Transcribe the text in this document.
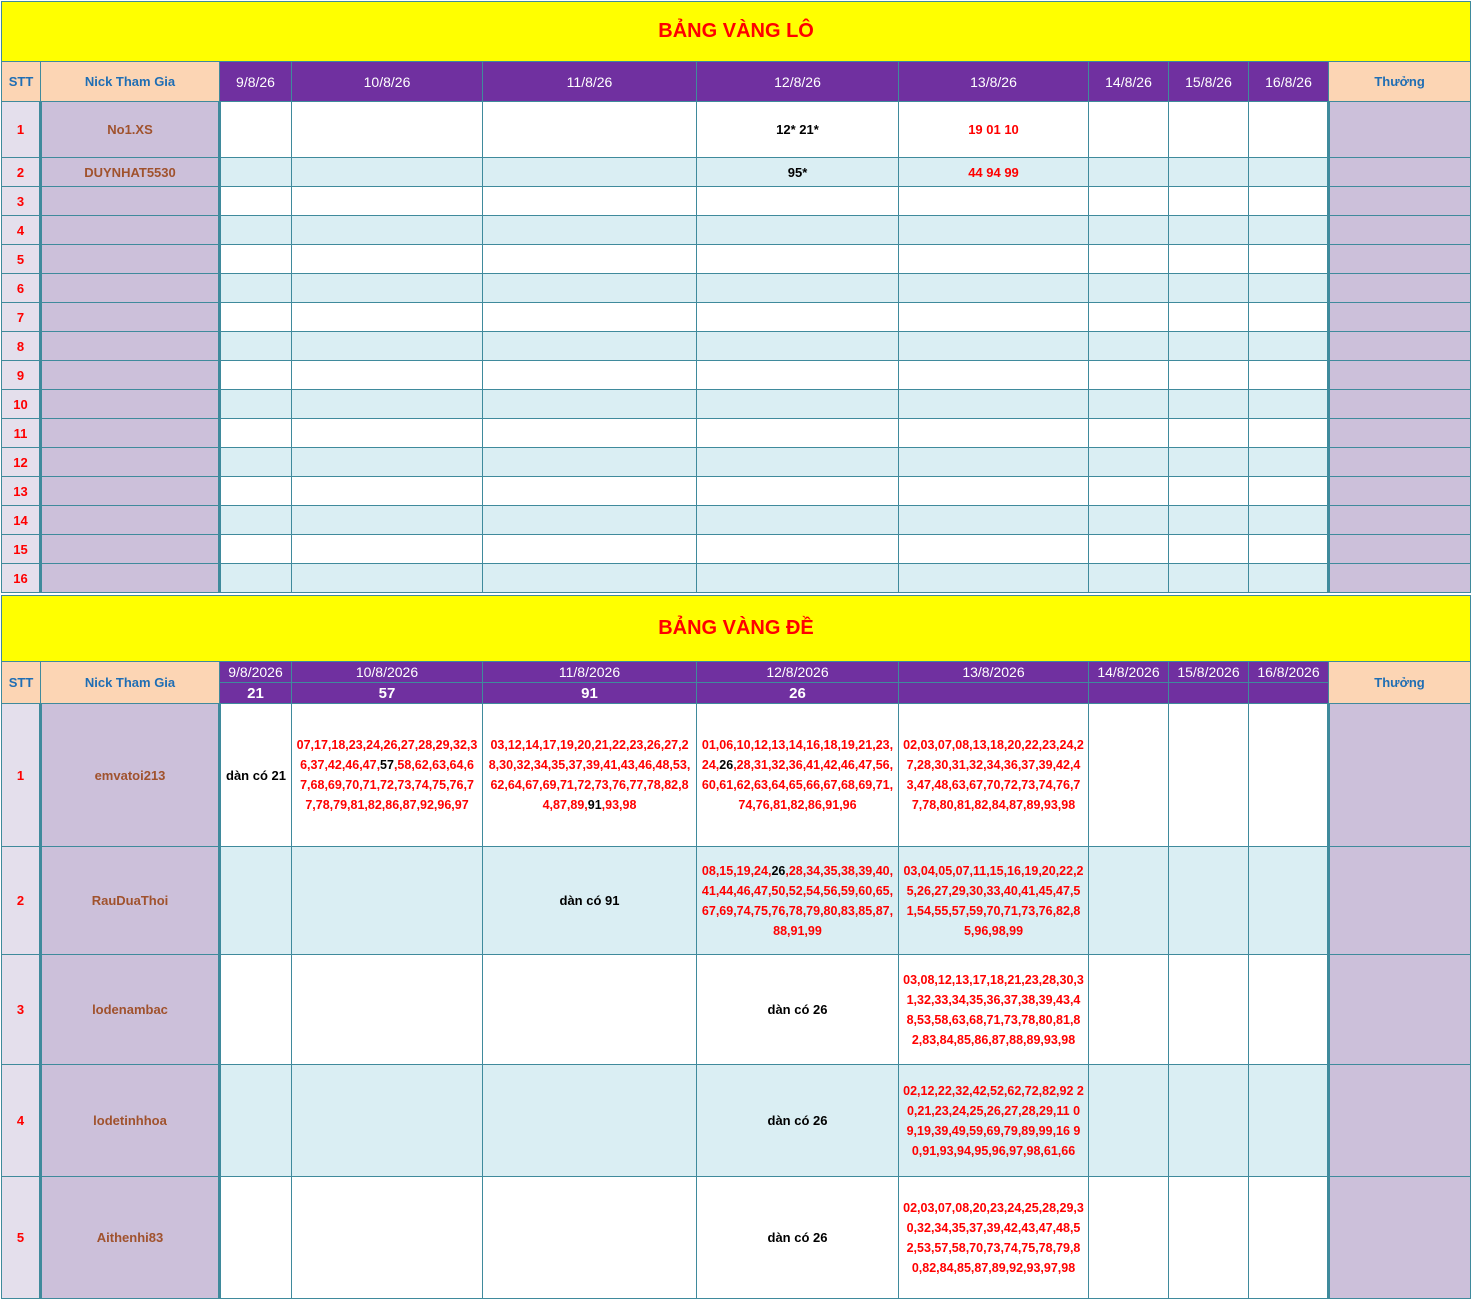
BẢNG VÀNG LÔ										
STT	Nick Tham Gia	9/8/26	10/8/26	11/8/26	12/8/26	13/8/26	14/8/26	15/8/26	16/8/26	Thưởng
1	No1.XS				12* 21*	19 01 10				
2	DUYNHAT5530				95*	44 94 99				
3										
4										
5										
6										
7										
8										
9										
10										
11										
12										
13										
14										
15										
16										
BẢNG VÀNG ĐỀ										
STT	Nick Tham Gia	9/8/2026	10/8/2026	11/8/2026	12/8/2026	13/8/2026	14/8/2026	15/8/2026	16/8/2026	Thưởng
		21	57	91	26					
1	emvatoi213	dàn có 21	07,17,18,23,24,26,27,28,29,32,36,37,42,46,47,57,58,62,63,64,67,68,69,70,71,72,73,74,75,76,77,78,79,81,82,86,87,92,96,97	03,12,14,17,19,20,21,22,23,26,27,28,30,32,34,35,37,39,41,43,46,48,53,62,64,67,69,71,72,73,76,77,78,82,84,87,89,91,93,98	01,06,10,12,13,14,16,18,19,21,23,24,26,28,31,32,36,41,42,46,47,56,60,61,62,63,64,65,66,67,68,69,71,74,76,81,82,86,91,96	02,03,07,08,13,18,20,22,23,24,27,28,30,31,32,34,36,37,39,42,43,47,48,63,67,70,72,73,74,76,77,78,80,81,82,84,87,89,93,98				
2	RauDuaThoi			dàn có 91	08,15,19,24,26,28,34,35,38,39,40,41,44,46,47,50,52,54,56,59,60,65,67,69,74,75,76,78,79,80,83,85,87,88,91,99	03,04,05,07,11,15,16,19,20,22,25,26,27,29,30,33,40,41,45,47,51,54,55,57,59,70,71,73,76,82,85,96,98,99				
3	lodenambac				dàn có 26	03,08,12,13,17,18,21,23,28,30,31,32,33,34,35,36,37,38,39,43,48,53,58,63,68,71,73,78,80,81,82,83,84,85,86,87,88,89,93,98				
4	lodetinhhoa				dàn có 26	02,12,22,32,42,52,62,72,82,92 20,21,23,24,25,26,27,28,29,11 09,19,39,49,59,69,79,89,99,16 90,91,93,94,95,96,97,98,61,66				
5	Aithenhi83				dàn có 26	02,03,07,08,20,23,24,25,28,29,30,32,34,35,37,39,42,43,47,48,52,53,57,58,70,73,74,75,78,79,80,82,84,85,87,89,92,93,97,98				
